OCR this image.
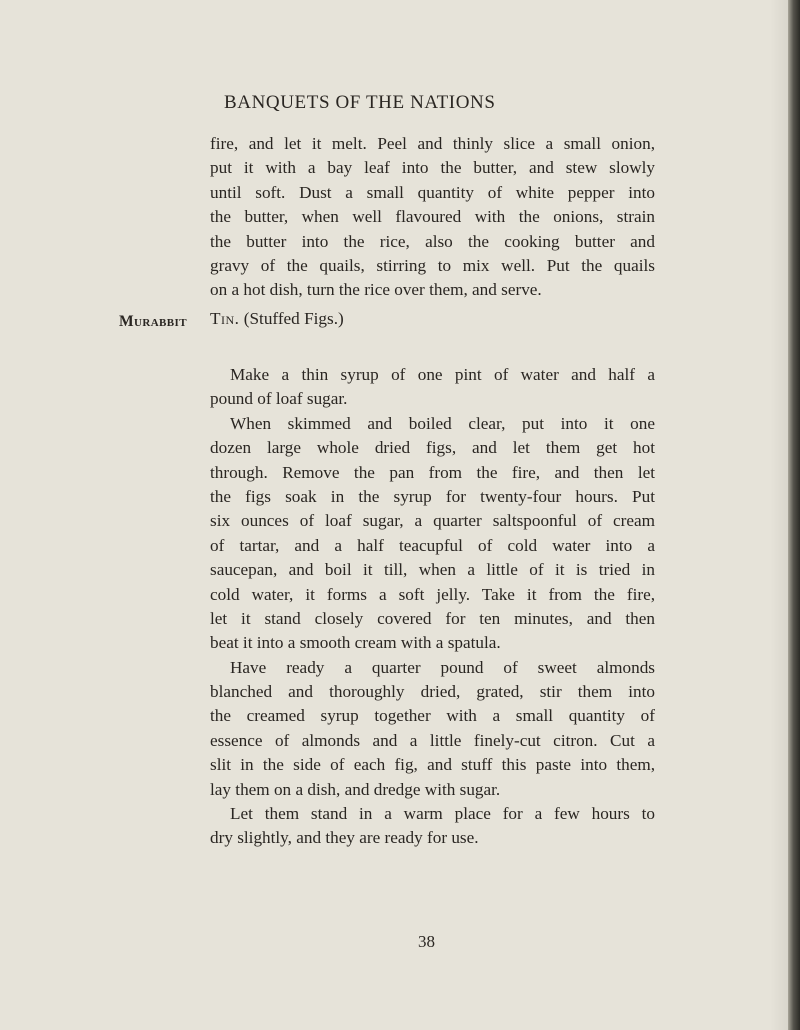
BANQUETS OF THE NATIONS
fire, and let it melt. Peel and thinly slice a small onion,
put it with a bay leaf into the butter, and stew slowly
until soft. Dust a small quantity of white pepper into
the butter, when well flavoured with the onions, strain
the butter into the rice, also the cooking butter and
gravy of the quails, stirring to mix well. Put the quails
on a hot dish, turn the rice over them, and serve.
Murabbit Tin. (Stuffed Figs.)
Make a thin syrup of one pint of water and half a
pound of loaf sugar.
When skimmed and boiled clear, put into it one
dozen large whole dried figs, and let them get hot
through. Remove the pan from the fire, and then let
the figs soak in the syrup for twenty-four hours. Put
six ounces of loaf sugar, a quarter saltspoonful of cream
of tartar, and a half teacupful of cold water into a
saucepan, and boil it till, when a little of it is tried in
cold water, it forms a soft jelly. Take it from the fire,
let it stand closely covered for ten minutes, and then
beat it into a smooth cream with a spatula.
Have ready a quarter pound of sweet almonds
blanched and thoroughly dried, grated, stir them into
the creamed syrup together with a small quantity of
essence of almonds and a little finely-cut citron. Cut a
slit in the side of each fig, and stuff this paste into them,
lay them on a dish, and dredge with sugar.
Let them stand in a warm place for a few hours to
dry slightly, and they are ready for use.
38
